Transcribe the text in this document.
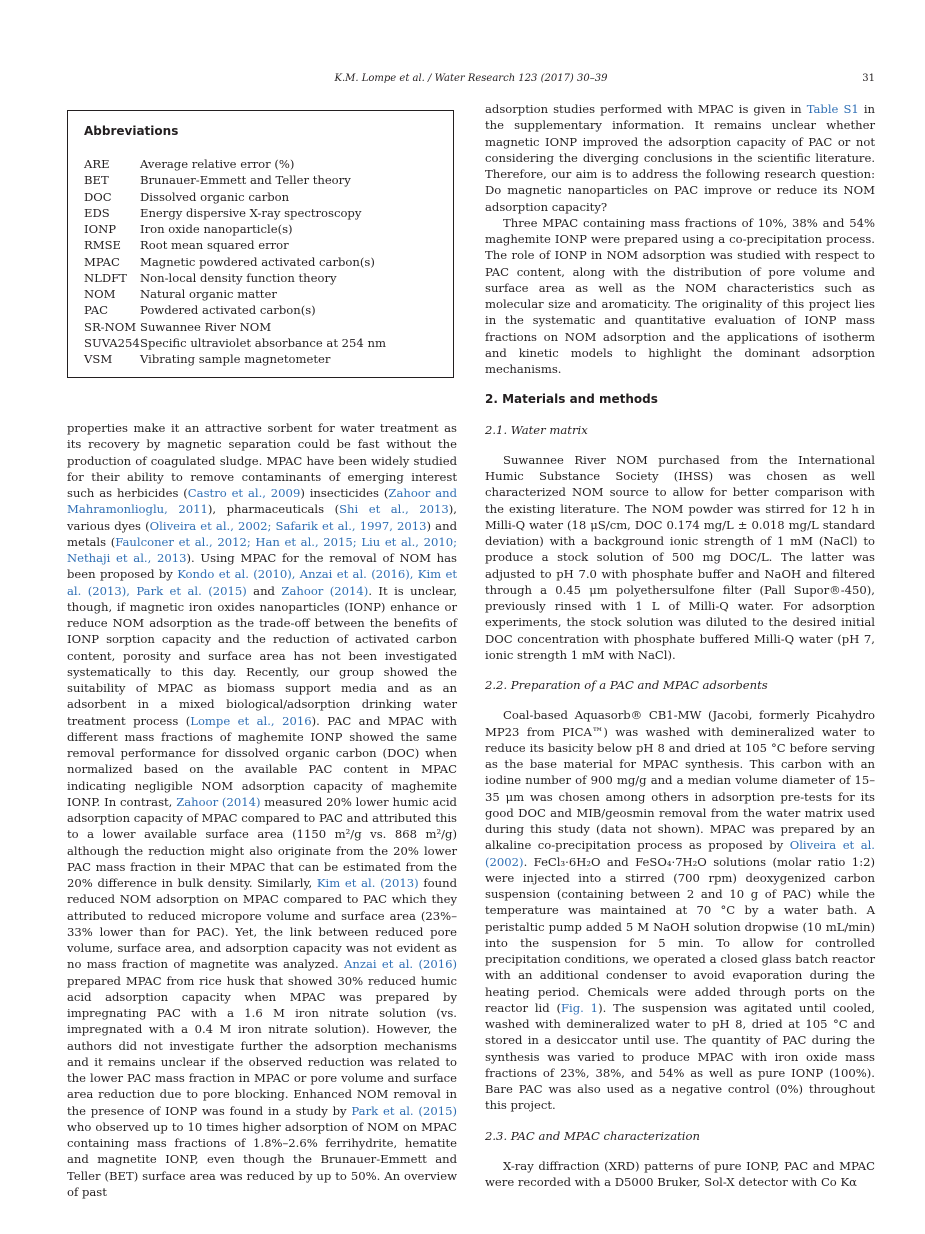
K.M. Lompe et al. / Water Research 123 (2017) 30–39	31
Abbreviations
ARE	Average relative error (%)
BET	Brunauer-Emmett and Teller theory
DOC	Dissolved organic carbon
EDS	Energy dispersive X-ray spectroscopy
IONP	Iron oxide nanoparticle(s)
RMSE	Root mean squared error
MPAC	Magnetic powdered activated carbon(s)
NLDFT	Non-local density function theory
NOM	Natural organic matter
PAC	Powdered activated carbon(s)
SR-NOM Suwannee River NOM
SUVA254 Specific ultraviolet absorbance at 254 nm
VSM	Vibrating sample magnetometer

properties make it an attractive sorbent for water treatment as its recovery by magnetic separation could be fast without the production of coagulated sludge. MPAC have been widely studied for their ability to remove contaminants of emerging interest such as herbicides (Castro et al., 2009) insecticides (Zahoor and Mahramonlioglu, 2011), pharmaceuticals (Shi et al., 2013), various dyes (Oliveira et al., 2002; Safarik et al., 1997, 2013) and metals (Faulconer et al., 2012; Han et al., 2015; Liu et al., 2010; Nethaji et al., 2013). Using MPAC for the removal of NOM has been proposed by Kondo et al. (2010), Anzai et al. (2016), Kim et al. (2013), Park et al. (2015) and Zahoor (2014). It is unclear, though, if magnetic iron oxides nanoparticles (IONP) enhance or reduce NOM adsorption as the trade-off between the benefits of IONP sorption capacity and the reduction of activated carbon content, porosity and surface area has not been investigated systematically to this day. Recently, our group showed the suitability of MPAC as biomass support media and as an adsorbent in a mixed biological/adsorption drinking water treatment process (Lompe et al., 2016). PAC and MPAC with different mass fractions of maghemite IONP showed the same removal performance for dissolved organic carbon (DOC) when normalized based on the available PAC content in MPAC indicating negligible NOM adsorption capacity of maghemite IONP. In contrast, Zahoor (2014) measured 20% lower humic acid adsorption capacity of MPAC compared to PAC and attributed this to a lower available surface area (1150 m²/g vs. 868 m²/g) although the reduction might also originate from the 20% lower PAC mass fraction in their MPAC that can be estimated from the 20% difference in bulk density. Similarly, Kim et al. (2013) found reduced NOM adsorption on MPAC compared to PAC which they attributed to reduced micropore volume and surface area (23%–33% lower than for PAC). Yet, the link between reduced pore volume, surface area, and adsorption capacity was not evident as no mass fraction of magnetite was analyzed. Anzai et al. (2016) prepared MPAC from rice husk that showed 30% reduced humic acid adsorption capacity when MPAC was prepared by impregnating PAC with a 1.6 M iron nitrate solution (vs. impregnated with a 0.4 M iron nitrate solution). However, the authors did not investigate further the adsorption mechanisms and it remains unclear if the observed reduction was related to the lower PAC mass fraction in MPAC or pore volume and surface area reduction due to pore blocking. Enhanced NOM removal in the presence of IONP was found in a study by Park et al. (2015) who observed up to 10 times higher adsorption of NOM on MPAC containing mass fractions of 1.8%–2.6% ferrihydrite, hematite and magnetite IONP, even though the Brunauer-Emmett and Teller (BET) surface area was reduced by up to 50%. An overview of past

adsorption studies performed with MPAC is given in Table S1 in the supplementary information. It remains unclear whether magnetic IONP improved the adsorption capacity of PAC or not considering the diverging conclusions in the scientific literature. Therefore, our aim is to address the following research question: Do magnetic nanoparticles on PAC improve or reduce its NOM adsorption capacity?

Three MPAC containing mass fractions of 10%, 38% and 54% maghemite IONP were prepared using a co-precipitation process. The role of IONP in NOM adsorption was studied with respect to PAC content, along with the distribution of pore volume and surface area as well as the NOM characteristics such as molecular size and aromaticity. The originality of this project lies in the systematic and quantitative evaluation of IONP mass fractions on NOM adsorption and the applications of isotherm and kinetic models to highlight the dominant adsorption mechanisms.

2. Materials and methods
2.1. Water matrix

Suwannee River NOM purchased from the International Humic Substance Society (IHSS) was chosen as well characterized NOM source to allow for better comparison with the existing literature. The NOM powder was stirred for 12 h in Milli-Q water (18 μS/cm, DOC 0.174 mg/L ± 0.018 mg/L standard deviation) with a background ionic strength of 1 mM (NaCl) to produce a stock solution of 500 mg DOC/L. The latter was adjusted to pH 7.0 with phosphate buffer and NaOH and filtered through a 0.45 μm polyethersulfone filter (Pall Supor®-450), previously rinsed with 1 L of Milli-Q water. For adsorption experiments, the stock solution was diluted to the desired initial DOC concentration with phosphate buffered Milli-Q water (pH 7, ionic strength 1 mM with NaCl).

2.2. Preparation of a PAC and MPAC adsorbents

Coal-based Aquasorb® CB1-MW (Jacobi, formerly Picahydro MP23 from PICA™) was washed with demineralized water to reduce its basicity below pH 8 and dried at 105 °C before serving as the base material for MPAC synthesis. This carbon with an iodine number of 900 mg/g and a median volume diameter of 15–35 μm was chosen among others in adsorption pre-tests for its good DOC and MIB/geosmin removal from the water matrix used during this study (data not shown). MPAC was prepared by an alkaline co-precipitation process as proposed by Oliveira et al. (2002). FeCl₃·6H₂O and FeSO₄·7H₂O solutions (molar ratio 1:2) were injected into a stirred (700 rpm) deoxygenized carbon suspension (containing between 2 and 10 g of PAC) while the temperature was maintained at 70 °C by a water bath. A peristaltic pump added 5 M NaOH solution dropwise (10 mL/min) into the suspension for 5 min. To allow for controlled precipitation conditions, we operated a closed glass batch reactor with an additional condenser to avoid evaporation during the heating period. Chemicals were added through ports on the reactor lid (Fig. 1). The suspension was agitated until cooled, washed with demineralized water to pH 8, dried at 105 °C and stored in a desiccator until use. The quantity of PAC during the synthesis was varied to produce MPAC with iron oxide mass fractions of 23%, 38%, and 54% as well as pure IONP (100%). Bare PAC was also used as a negative control (0%) throughout this project.

2.3. PAC and MPAC characterization

X-ray diffraction (XRD) patterns of pure IONP, PAC and MPAC were recorded with a D5000 Bruker, Sol-X detector with Co Kα
